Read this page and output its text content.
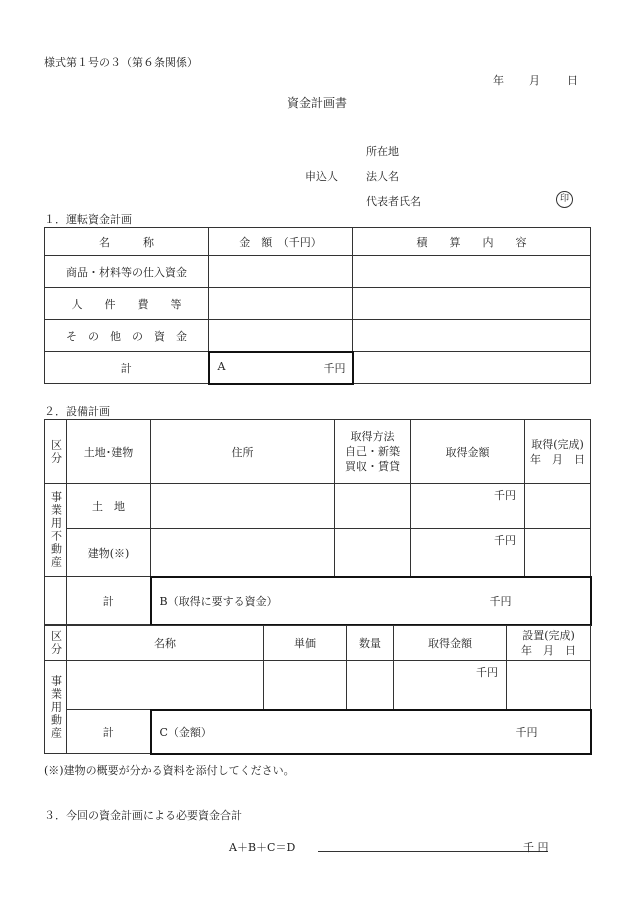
様式第１号の３（第６条関係）
年 月 日
資金計画書
所在地
申込人	法人名
代表者氏名	印
１．運転資金計画
名　　　称	金　額　（千円）	積　　算　　内　　容
商品・材料等の仕入資金		
人　　件　　費　　等		
そ　の　他　の　資　金		
計	A 千円	

２．設備計画
区分	土地･建物	住所	取得方法
自己・新築
買収・賃貸	取得金額	取得(完成)
年　月　日

事業用不動産	土　地			千円	
	建物(※)			千円	
	計	B（取得に要する資金） 千円			
区分	名称		単価	数量	取得金額	設置(完成)
年　月　日

事業用動産					千円	
	計	C（金額） 千円				
(※)建物の概要が分かる資料を添付してください。
３．今回の資金計画による必要資金合計
A＋B＋C＝D	千 円
